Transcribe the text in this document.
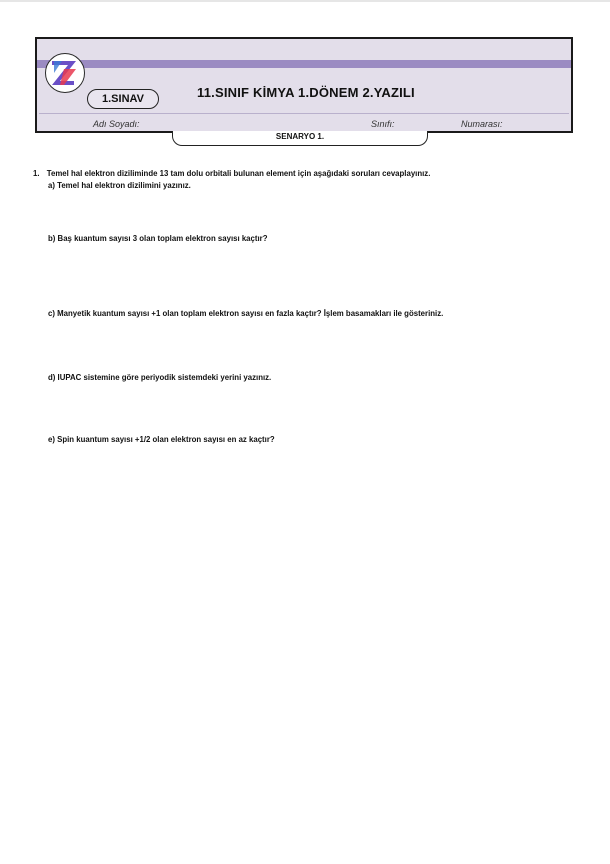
1.SINAV	11.SINIF KİMYA 1.DÖNEM 2.YAZILI
Adı Soyadı:	Sınıfı:	Numarası:
SENARYO 1.
1. Temel hal elektron diziliminde 13 tam dolu orbitali bulunan element için aşağıdaki soruları cevaplayınız.
a) Temel hal elektron dizilimini yazınız.
b) Baş kuantum sayısı 3 olan toplam elektron sayısı kaçtır?
c) Manyetik kuantum sayısı +1 olan toplam elektron sayısı en fazla kaçtır? İşlem basamakları ile gösteriniz.
d) IUPAC sistemine göre periyodik sistemdeki yerini yazınız.
e) Spin kuantum sayısı +1/2 olan elektron sayısı en az kaçtır?
